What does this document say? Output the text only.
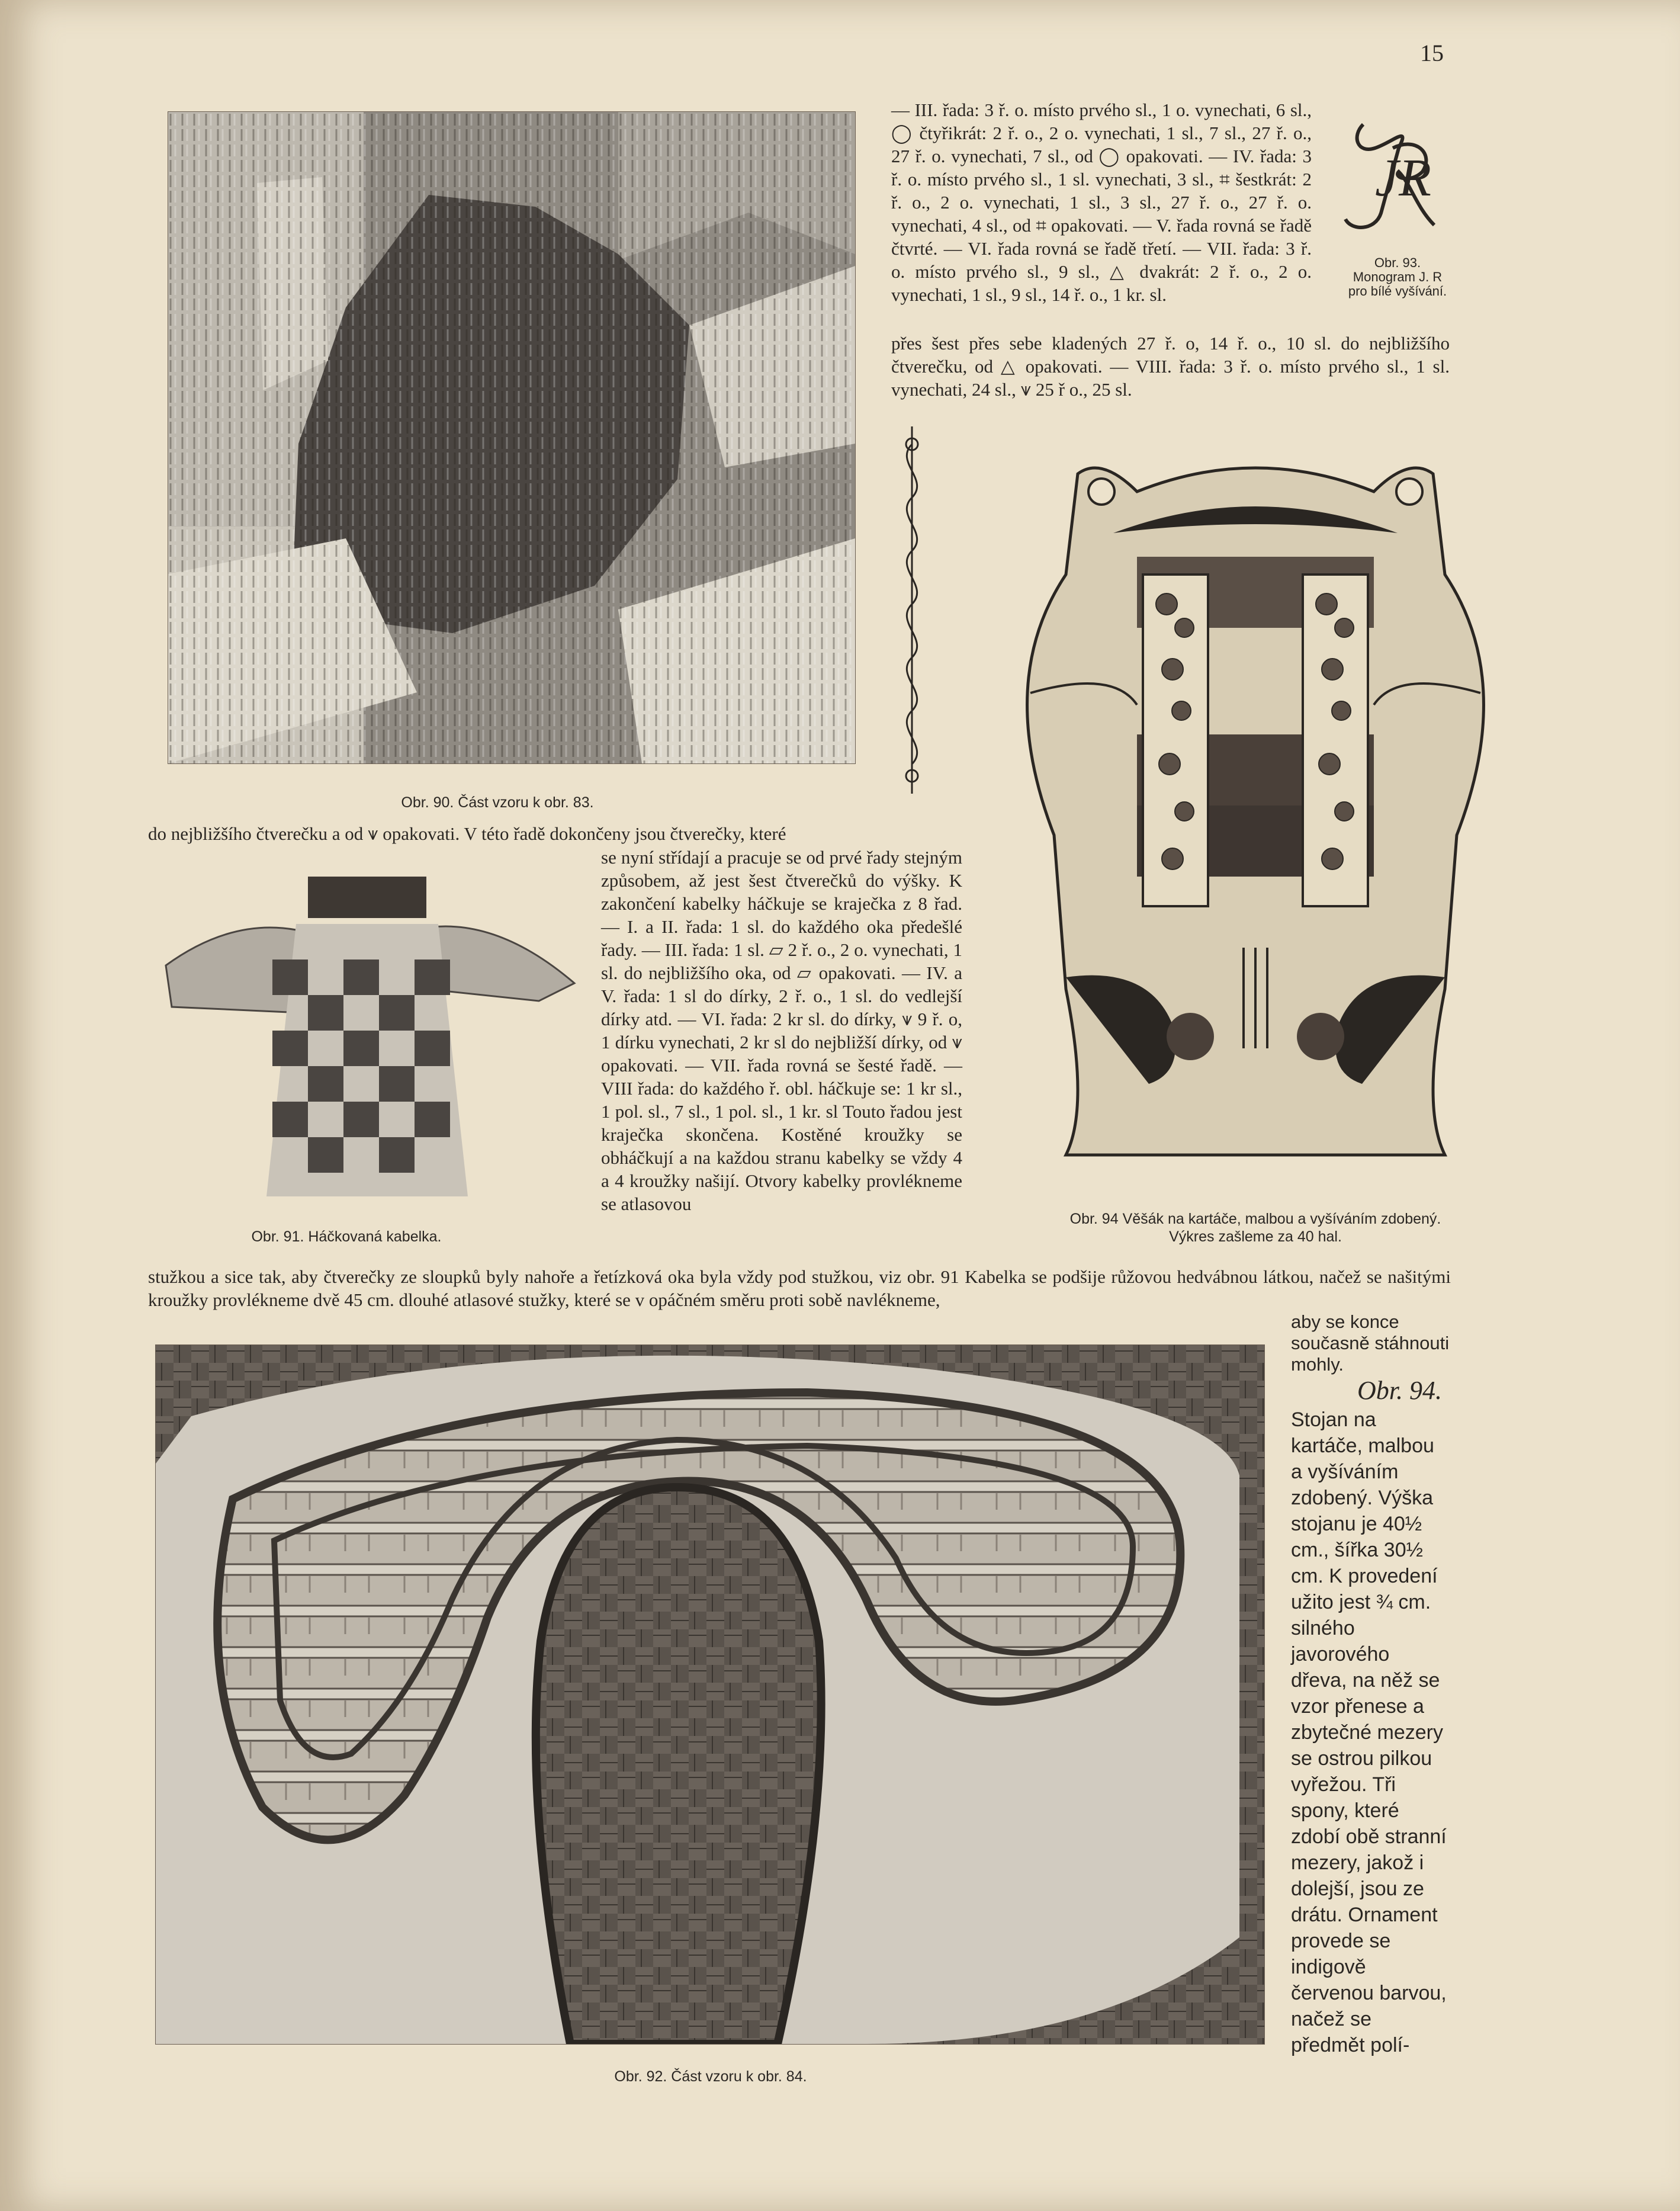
15
Obr. 90. Část vzoru k obr. 83.
— III. řada: 3 ř. o. místo prvého sl., 1 o. vynechati, 6 sl., ◯ čtyřikrát: 2 ř. o., 2 o. vynechati, 1 sl., 7 sl., 27 ř. o., 27 ř. o. vynechati, 7 sl., od ◯ opakovati. — IV. řada: 3 ř. o. místo prvého sl., 1 sl. vynechati, 3 sl., ⌗ šestkrát: 2 ř. o., 2 o. vynechati, 1 sl., 3 sl., 27 ř. o., 27 ř. o. vynechati, 4 sl., od ⌗ opakovati. — V. řada rovná se řadě čtvrté. — VI. řada rovná se řadě třetí. — VII. řada: 3 ř. o. místo prvého sl., 9 sl., △ dvakrát: 2 ř. o., 2 o. vynechati, 1 sl., 9 sl., 14 ř. o., 1 kr. sl.
přes šest přes sebe kladených 27 ř. o, 14 ř. o., 10 sl. do nejbližšího čtverečku, od △ opakovati. — VIII. řada: 3 ř. o. místo prvého sl., 1 sl. vynechati, 24 sl., ⩛ 25 ř o., 25 sl.
JR
Obr. 93. Monogram J. R pro bílé vyšívání.
Obr. 94 Věšák na kartáče, malbou a vyšíváním zdobený.
Výkres zašleme za 40 hal.
do nejbližšího čtverečku a od ⩛ opakovati. V této řadě dokončeny jsou čtverečky, které
Obr. 91. Háčkovaná kabelka.
se nyní střídají a pracuje se od prvé řady stejným způsobem, až jest šest čtverečků do výšky. K zakončení kabelky háčkuje se kraječka z 8 řad. — I. a II. řada: 1 sl. do každého oka předešlé řady. — III. řada: 1 sl. ▱ 2 ř. o., 2 o. vynechati, 1 sl. do nejbližšího oka, od ▱ opakovati. — IV. a V. řada: 1 sl do dírky, 2 ř. o., 1 sl. do vedlejší dírky atd. — VI. řada: 2 kr sl. do dírky, ⩛ 9 ř. o, 1 dírku vynechati, 2 kr sl do nejbližší dírky, od ⩛ opakovati. — VII. řada rovná se šesté řadě. — VIII řada: do každého ř. obl. háčkuje se: 1 kr sl., 1 pol. sl., 7 sl., 1 pol. sl., 1 kr. sl Touto řadou jest kraječka skončena. Kostěné kroužky se obháčkují a na každou stranu kabelky se vždy 4 a 4 kroužky našijí. Otvory kabelky provlékneme se atlasovou
stužkou a sice tak, aby čtverečky ze sloupků byly nahoře a řetízková oka byla vždy pod stužkou, viz obr. 91 Kabelka se podšije růžovou hedvábnou látkou, načež se našitými kroužky provlékneme dvě 45 cm. dlouhé atlasové stužky, které se v opáčném směru proti sobě navlékneme,
aby se konce současně stáhnouti mohly.
Obr. 92. Část vzoru k obr. 84.
Obr. 94.
Stojan na kartáče, malbou a vyšíváním zdobený. Výška stojanu je 40½ cm., šířka 30½ cm. K provedení užito jest ¾ cm. silného javorového dřeva, na něž se vzor přenese a zbytečné mezery se ostrou pilkou vyřežou. Tři spony, které zdobí obě stranní mezery, jakož i dolejší, jsou ze drátu. Ornament provede se indigově červenou barvou, načež se předmět polí-
